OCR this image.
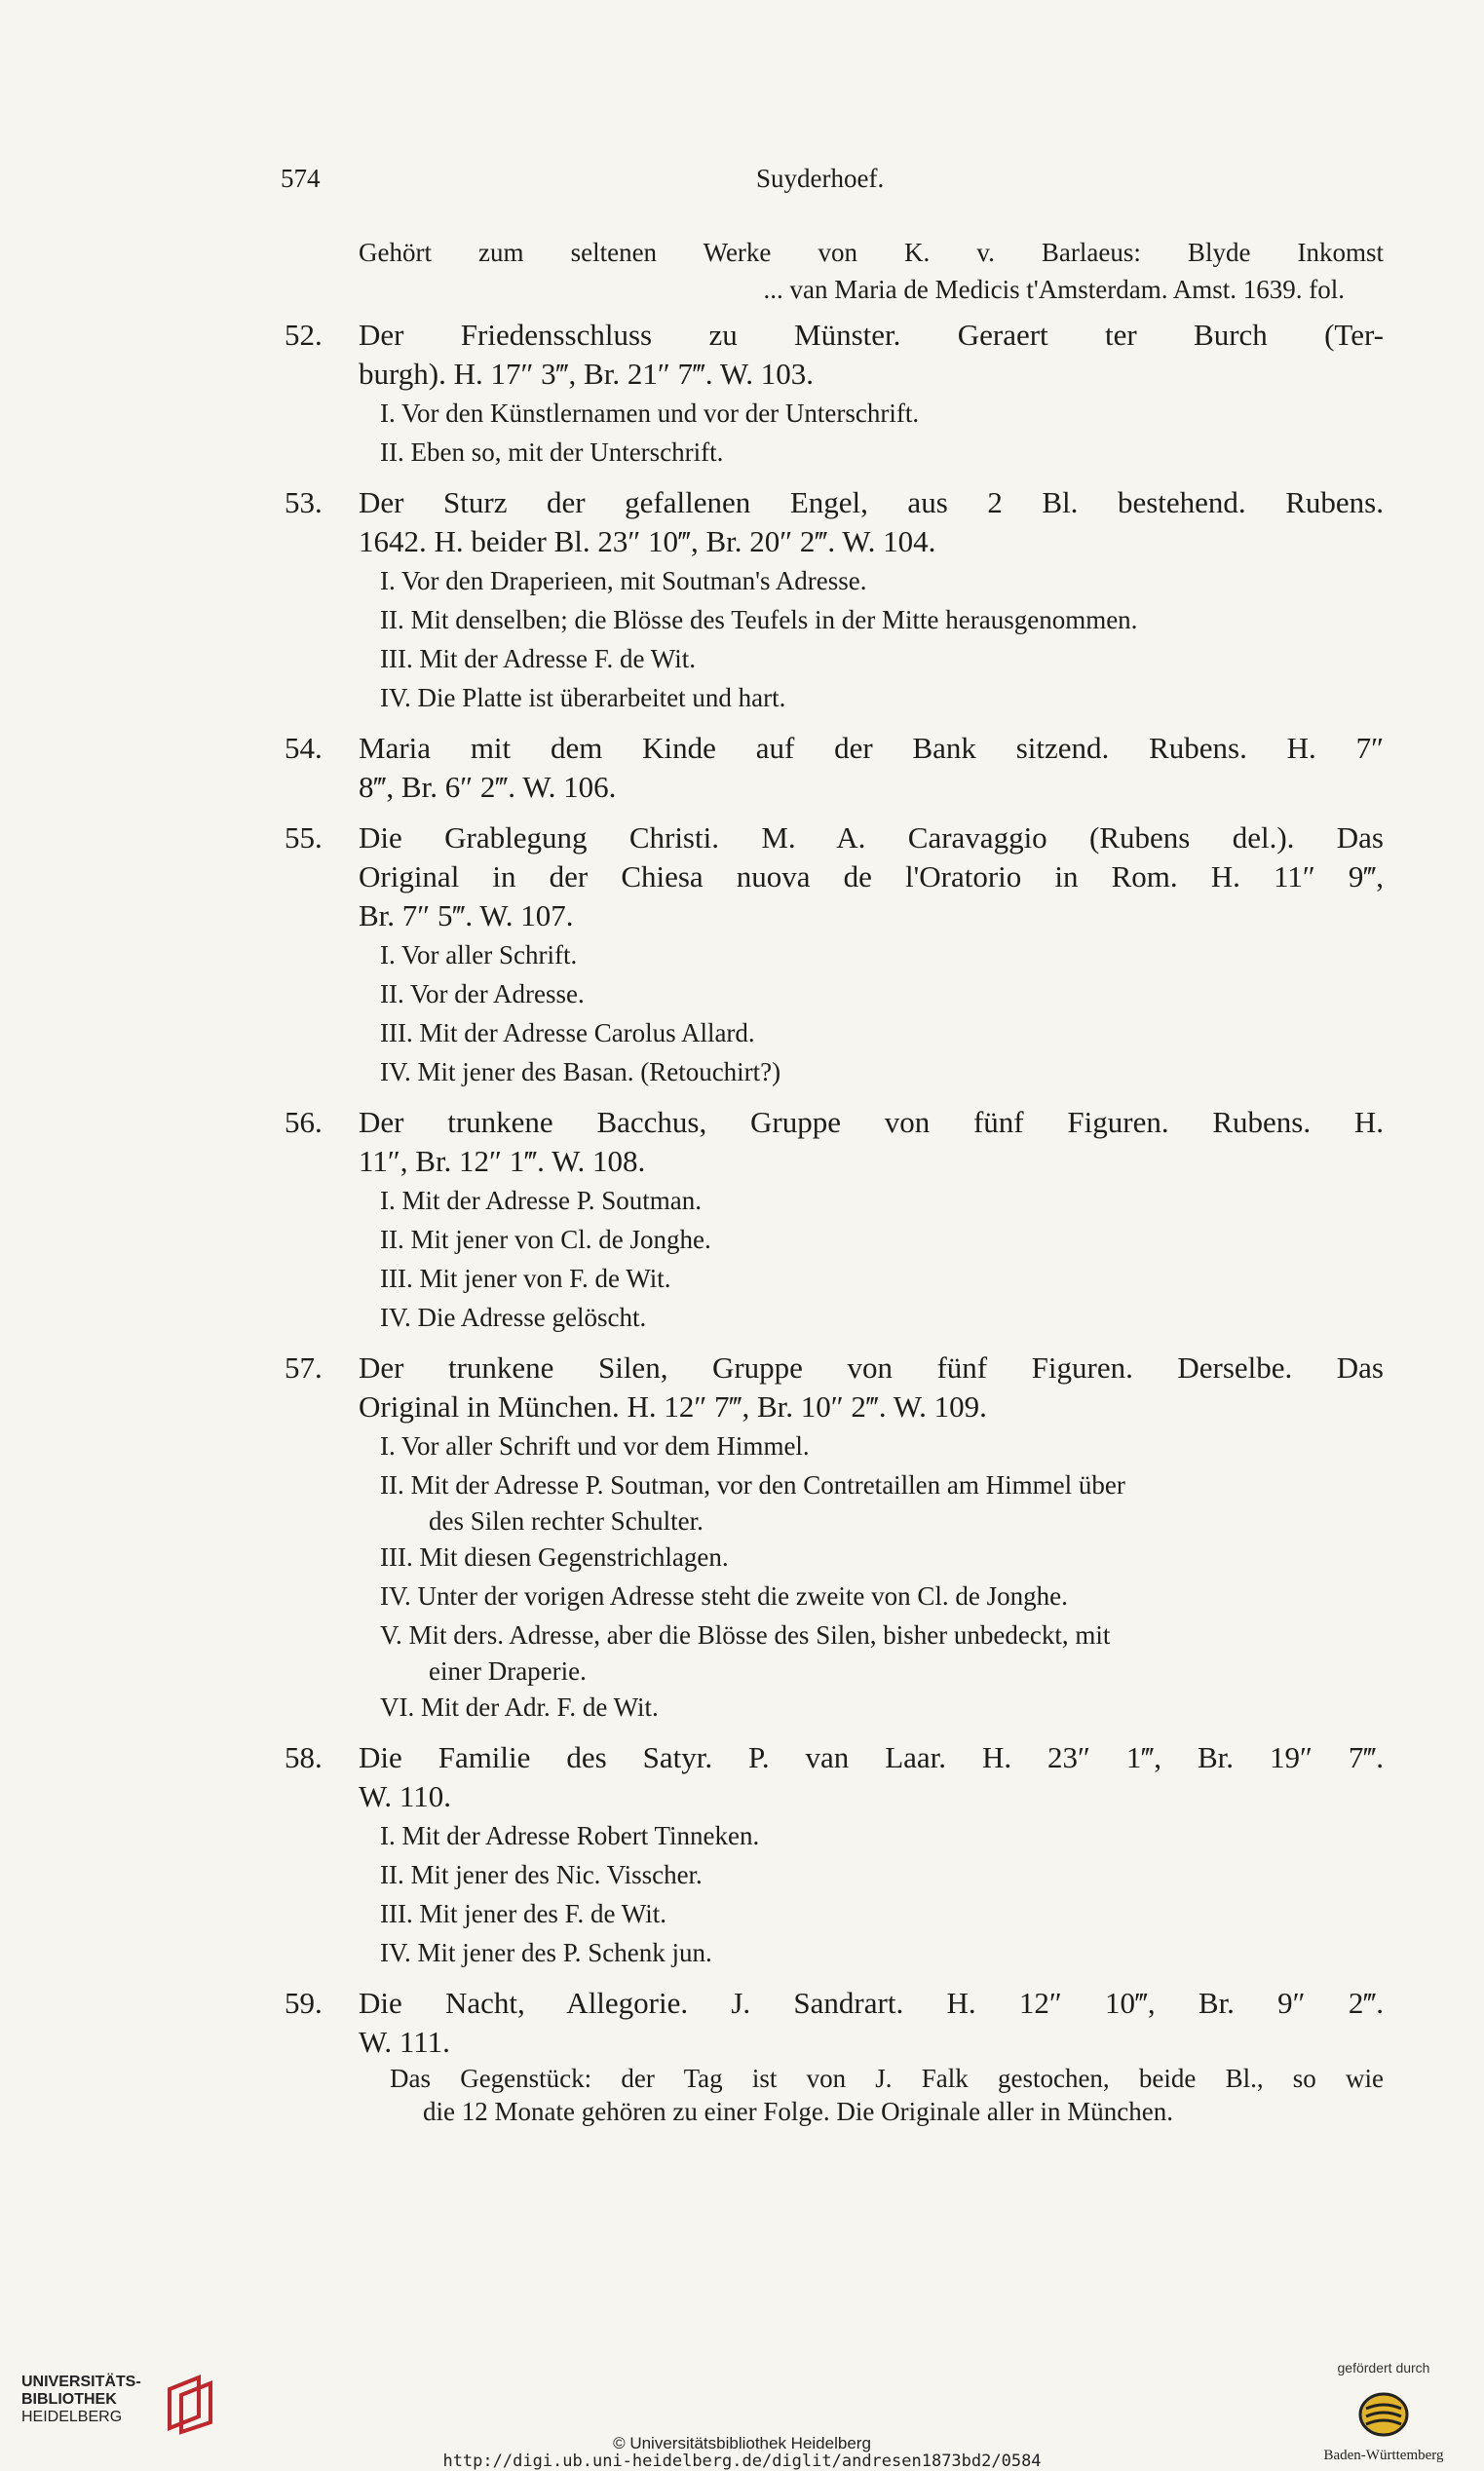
574	Suyderhoef.
Gehört zum seltenen Werke von K. v. Barlaeus: Blyde Inkomst
... van Maria de Medicis t'Amsterdam. Amst. 1639. fol.
52.	Der Friedensschluss zu Münster. Geraert ter Burch (Ter-
burgh). H. 17″ 3‴, Br. 21″ 7‴. W. 103.
I. Vor den Künstlernamen und vor der Unterschrift.
II. Eben so, mit der Unterschrift.
53.	Der Sturz der gefallenen Engel, aus 2 Bl. bestehend. Rubens.
1642. H. beider Bl. 23″ 10‴, Br. 20″ 2‴. W. 104.
I. Vor den Draperieen, mit Soutman's Adresse.
II. Mit denselben; die Blösse des Teufels in der Mitte herausgenommen.
III. Mit der Adresse F. de Wit.
IV. Die Platte ist überarbeitet und hart.
54.	Maria mit dem Kinde auf der Bank sitzend. Rubens. H. 7″
8‴, Br. 6″ 2‴. W. 106.
55.	Die Grablegung Christi. M. A. Caravaggio (Rubens del.). Das
Original in der Chiesa nuova de l'Oratorio in Rom. H. 11″ 9‴,
Br. 7″ 5‴. W. 107.
I. Vor aller Schrift.
II. Vor der Adresse.
III. Mit der Adresse Carolus Allard.
IV. Mit jener des Basan. (Retouchirt?)
56.	Der trunkene Bacchus, Gruppe von fünf Figuren. Rubens. H.
11″, Br. 12″ 1‴. W. 108.
I. Mit der Adresse P. Soutman.
II. Mit jener von Cl. de Jonghe.
III. Mit jener von F. de Wit.
IV. Die Adresse gelöscht.
57.	Der trunkene Silen, Gruppe von fünf Figuren. Derselbe. Das
Original in München. H. 12″ 7‴, Br. 10″ 2‴. W. 109.
I. Vor aller Schrift und vor dem Himmel.
II. Mit der Adresse P. Soutman, vor den Contretaillen am Himmel über
des Silen rechter Schulter.
III. Mit diesen Gegenstrichlagen.
IV. Unter der vorigen Adresse steht die zweite von Cl. de Jonghe.
V. Mit ders. Adresse, aber die Blösse des Silen, bisher unbedeckt, mit
einer Draperie.
VI. Mit der Adr. F. de Wit.
58.	Die Familie des Satyr. P. van Laar. H. 23″ 1‴, Br. 19″ 7‴.
W. 110.
I. Mit der Adresse Robert Tinneken.
II. Mit jener des Nic. Visscher.
III. Mit jener des F. de Wit.
IV. Mit jener des P. Schenk jun.
59.	Die Nacht, Allegorie. J. Sandrart. H. 12″ 10‴, Br. 9″ 2‴.
W. 111.
Das Gegenstück: der Tag ist von J. Falk gestochen, beide Bl., so wie
die 12 Monate gehören zu einer Folge. Die Originale aller in München.
UNIVERSITÄTS-
BIBLIOTHEK
HEIDELBERG
© Universitätsbibliothek Heidelberg
http://digi.ub.uni-heidelberg.de/diglit/andresen1873bd2/0584
gefördert durch
Baden-Württemberg
